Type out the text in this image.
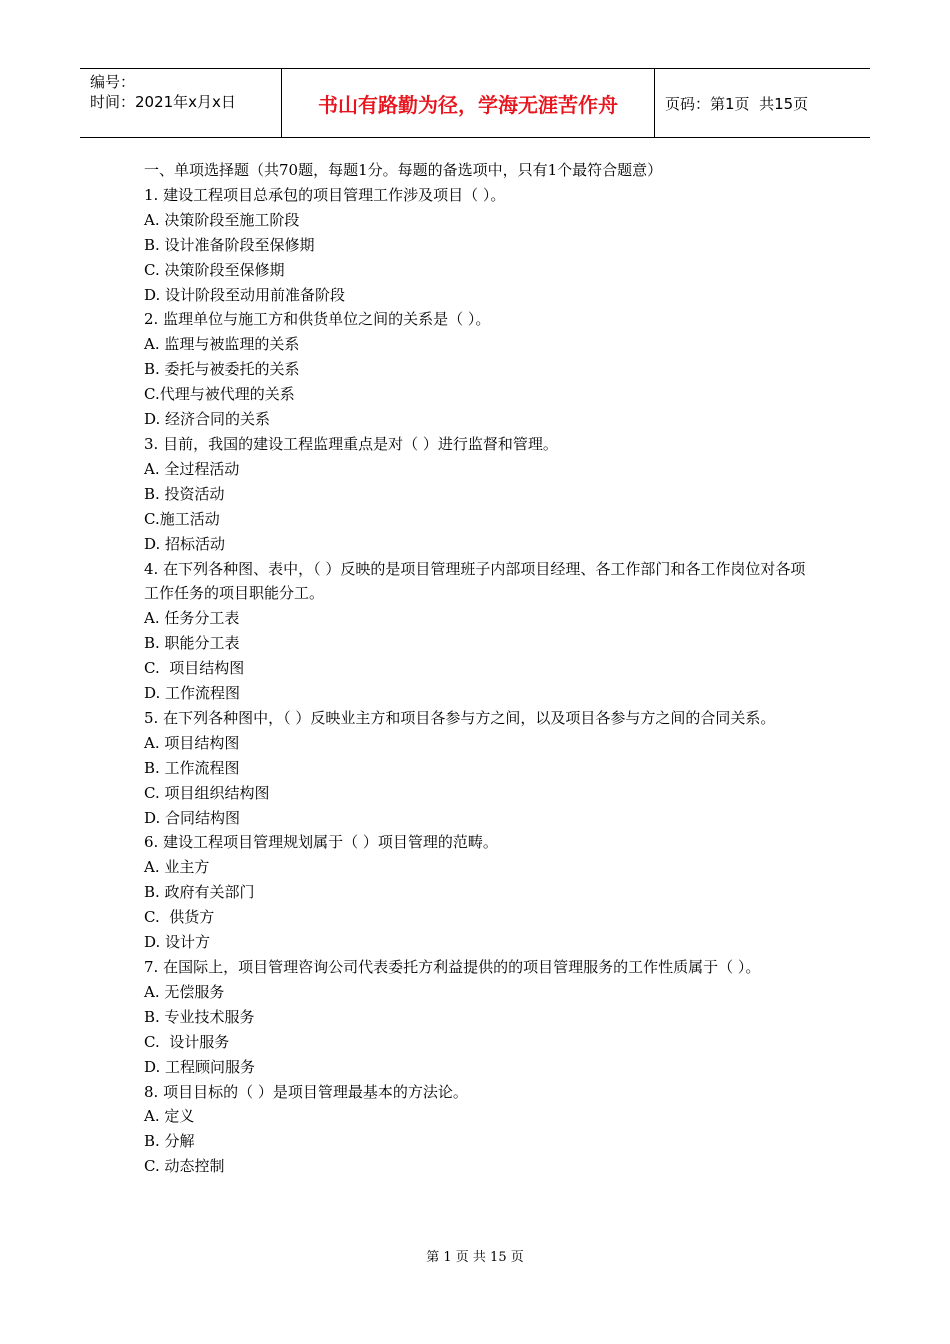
编号：
时间：2021年x月x日	书山有路勤为径，学海无涯苦作舟	页码：第1页  共15页

一、单项选择题（共70题，每题1分。每题的备选项中，只有1个最符合题意）

1. 建设工程项目总承包的项目管理工作涉及项目（ ）。

A. 决策阶段至施工阶段

B. 设计准备阶段至保修期

C. 决策阶段至保修期

D. 设计阶段至动用前准备阶段

2. 监理单位与施工方和供货单位之间的关系是（ ）。

A. 监理与被监理的关系

B. 委托与被委托的关系

C.代理与被代理的关系

D. 经济合同的关系

3. 目前，我国的建设工程监理重点是对（ ）进行监督和管理。

A. 全过程活动

B. 投资活动

C.施工活动

D. 招标活动

4. 在下列各种图、表中，（ ）反映的是项目管理班子内部项目经理、各工作部门和各工作岗位对各项工作任务的项目职能分工。

A. 任务分工表

B. 职能分工表

C.  项目结构图

D. 工作流程图

5. 在下列各种图中，（ ）反映业主方和项目各参与方之间，以及项目各参与方之间的合同关系。

A. 项目结构图

B. 工作流程图

C. 项目组织结构图

D. 合同结构图

6. 建设工程项目管理规划属于（ ）项目管理的范畴。

A. 业主方

B. 政府有关部门

C.  供货方

D. 设计方

7. 在国际上，项目管理咨询公司代表委托方利益提供的的项目管理服务的工作性质属于（ ）。

A. 无偿服务

B. 专业技术服务

C.  设计服务

D. 工程顾问服务

8. 项目目标的（ ）是项目管理最基本的方法论。

A. 定义

B. 分解

C. 动态控制

第 1 页 共 15 页
